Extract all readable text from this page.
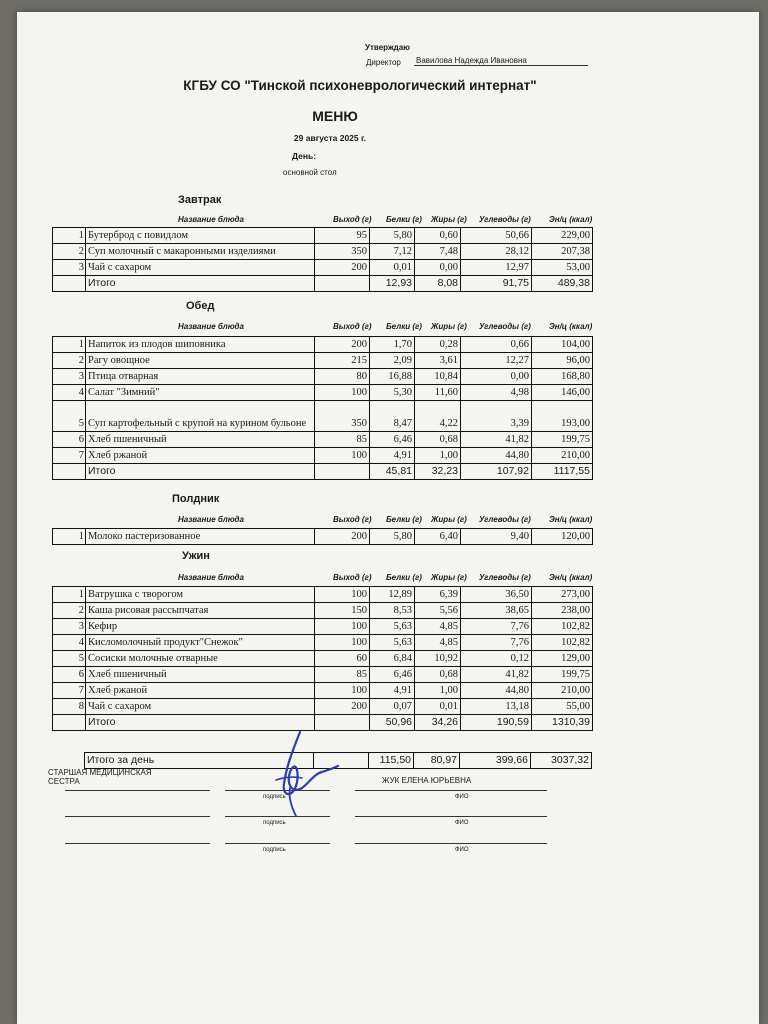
Утверждаю
Директор Вавилова Надежда Ивановна
КГБУ СО "Тинской психоневрологический интернат"
МЕНЮ
29 августа 2025 г.
День:
основной стол
Завтрак
Название блюда	Выход (г) Белки (г) Жиры (г) Углеводы (г) Эн/ц (ккал)
1	Бутерброд с повидлом	95	5,80	0,60	50,66	229,00
2	Суп молочный с макаронными изделиями	350	7,12	7,48	28,12	207,38
3	Чай с сахаром	200	0,01	0,00	12,97	53,00
	Итого		12,93	8,08	91,75	489,38
Обед
Название блюда	Выход (г) Белки (г) Жиры (г) Углеводы (г) Эн/ц (ккал)
1	Напиток из плодов шиповника	200	1,70	0,28	0,66	104,00
2	Рагу овощное	215	2,09	3,61	12,27	96,00
3	Птица отварная	80	16,88	10,84	0,00	168,80
4	Салат "Зимний"	100	5,30	11,60	4,98	146,00
5	Суп картофельный с крупой на курином бульоне	350	8,47	4,22	3,39	193,00
6	Хлеб пшеничный	85	6,46	0,68	41,82	199,75
7	Хлеб ржаной	100	4,91	1,00	44,80	210,00
	Итого		45,81	32,23	107,92	1117,55
Полдник
Название блюда	Выход (г) Белки (г) Жиры (г) Углеводы (г) Эн/ц (ккал)
1	Молоко пастеризованное	200	5,80	6,40	9,40	120,00
Ужин
Название блюда	Выход (г) Белки (г) Жиры (г) Углеводы (г) Эн/ц (ккал)
1	Ватрушка с творогом	100	12,89	6,39	36,50	273,00
2	Каша рисовая рассыпчатая	150	8,53	5,56	38,65	238,00
3	Кефир	100	5,63	4,85	7,76	102,82
4	Кисломолочный продукт"Снежок"	100	5,63	4,85	7,76	102,82
5	Сосиски молочные отварные	60	6,84	10,92	0,12	129,00
6	Хлеб пшеничный	85	6,46	0,68	41,82	199,75
7	Хлеб ржаной	100	4,91	1,00	44,80	210,00
8	Чай с сахаром	200	0,07	0,01	13,18	55,00
	Итого		50,96	34,26	190,59	1310,39
	Итого за день		115,50	80,97	399,66	3037,32
СТАРШАЯ МЕДИЦИНСКАЯ СЕСТРА	ЖУК ЕЛЕНА ЮРЬЕВНА
подпись	ФИО
подпись	ФИО
подпись	ФИО
